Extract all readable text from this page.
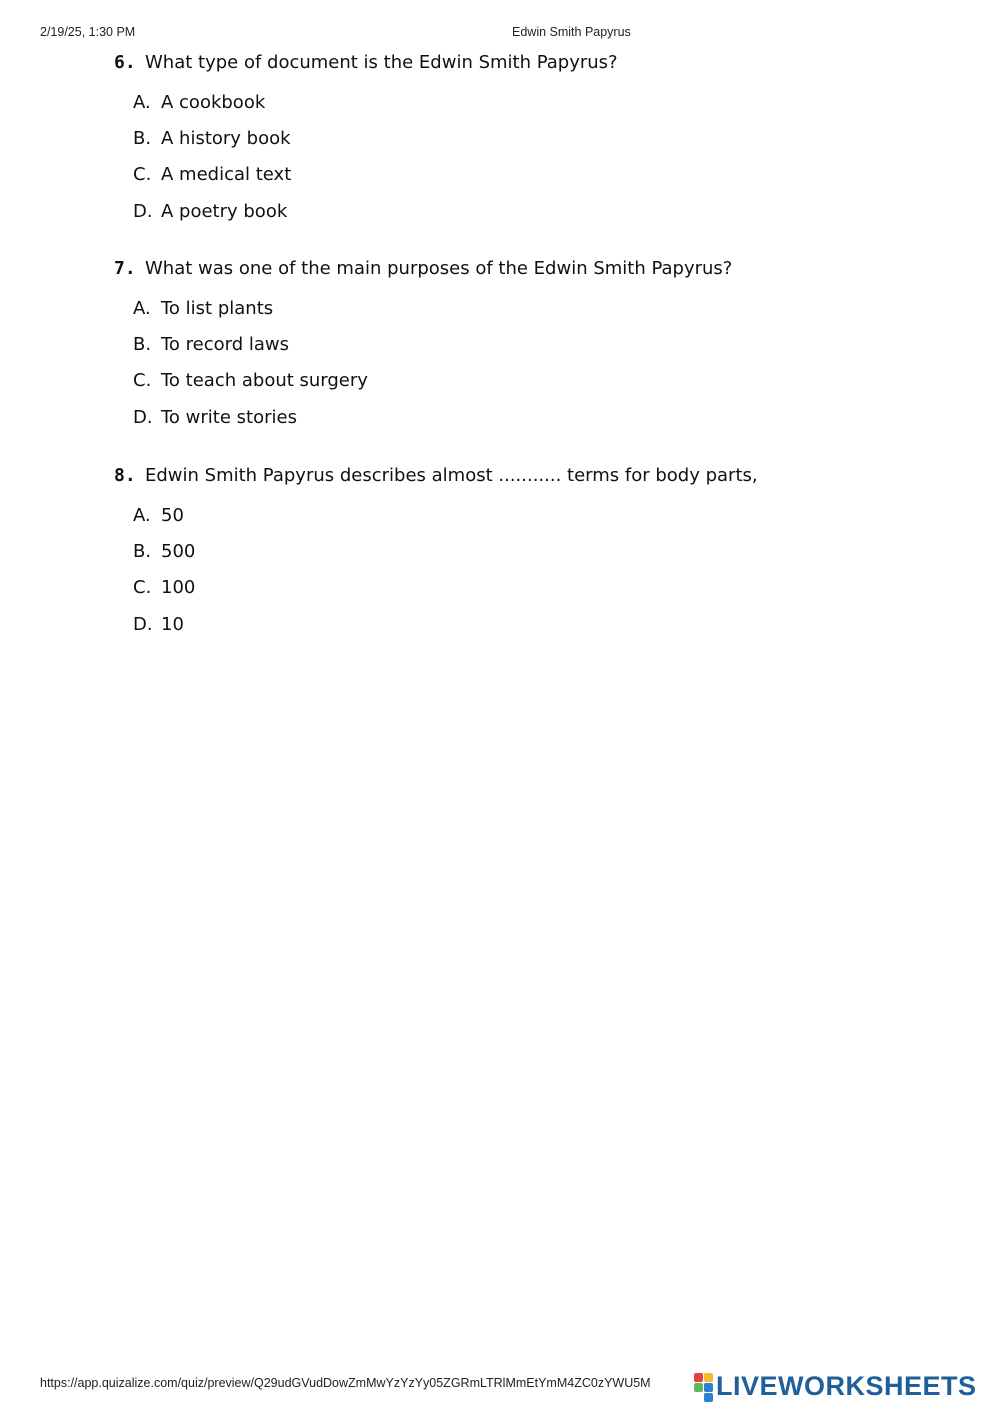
2/19/25, 1:30 PM	Edwin Smith Papyrus
6. What type of document is the Edwin Smith Papyrus?
A. A cookbook
B. A history book
C. A medical text
D. A poetry book
7. What was one of the main purposes of the Edwin Smith Papyrus?
A. To list plants
B. To record laws
C. To teach about surgery
D. To write stories
8. Edwin Smith Papyrus describes almost ........... terms for body parts,
A. 50
B. 500
C. 100
D. 10
https://app.quizalize.com/quiz/preview/Q29udGVudDowZmMwYzYzYy05ZGRmLTRlMmEtYmM4ZC0zYWU5M LIVEWORKSHEETS
